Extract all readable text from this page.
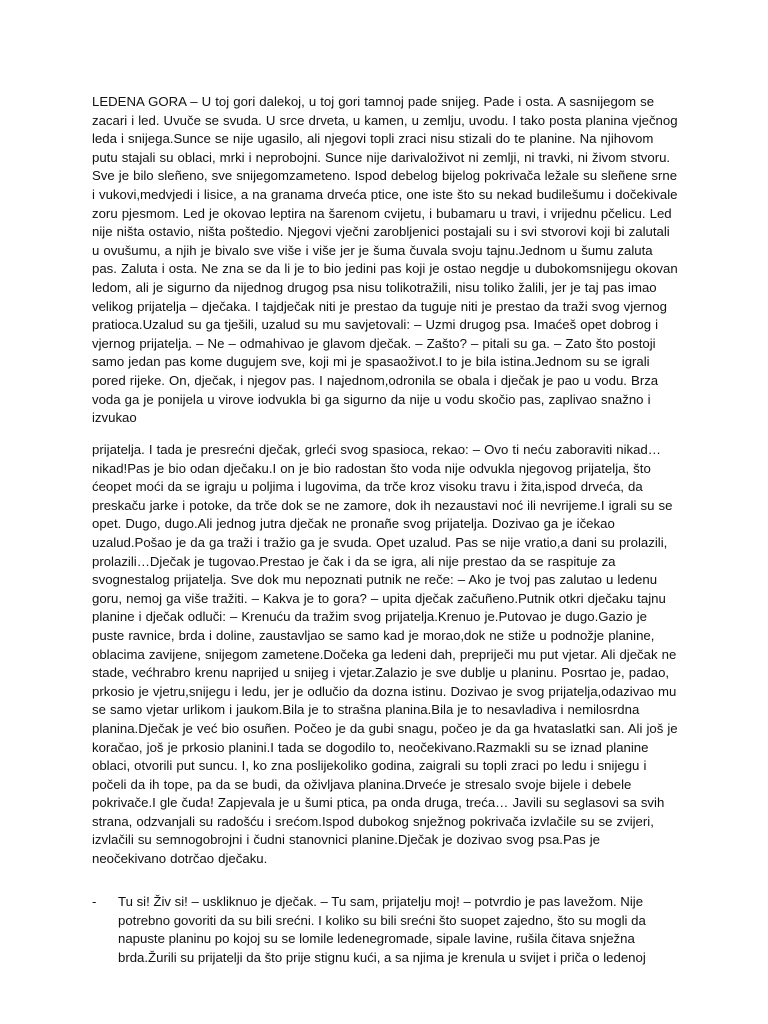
LEDENA GORA – U toj gori dalekoj, u toj gori tamnoj pade snijeg. Pade i osta. A sasnijegom se zacari i led. Uvuče se svuda. U srce drveta, u kamen, u zemlju, uvodu. I tako posta planina vječnog leda i snijega.Sunce se nije ugasilo, ali njegovi topli zraci nisu stizali do te planine. Na njihovom putu stajali su oblaci, mrki i neprobojni. Sunce nije darivaloživot ni zemlji, ni travki, ni živom stvoru. Sve je bilo sleñeno, sve snijegomzameteno. Ispod debelog bijelog pokrivača ležale su sleñene srne i vukovi,medvjedi i lisice, a na granama drveća ptice, one iste što su nekad budilešumu i dočekivale zoru pjesmom. Led je okovao leptira na šarenom cvijetu, i bubamaru u travi, i vrijednu pčelicu. Led nije ništa ostavio, ništa poštedio. Njegovi vječni zarobljenici postajali su i svi stvorovi koji bi zalutali u ovušumu, a njih je bivalo sve više i više jer je šuma čuvala svoju tajnu.Jednom u šumu zaluta pas. Zaluta i osta. Ne zna se da li je to bio jedini pas koji je ostao negdje u dubokomsnijegu okovan ledom, ali je sigurno da nijednog drugog psa nisu tolikotražili, nisu toliko žalili, jer je taj pas imao velikog prijatelja – dječaka. I tajdječak niti je prestao da tuguje niti je prestao da traži svog vjernog pratioca.Uzalud su ga tješili, uzalud su mu savjetovali: – Uzmi drugog psa. Imaćeš opet dobrog i vjernog prijatelja. – Ne – odmahivao je glavom dječak. – Zašto? – pitali su ga. – Zato što postoji samo jedan pas kome dugujem sve, koji mi je spasaoživot.I to je bila istina.Jednom su se igrali pored rijeke. On, dječak, i njegov pas. I najednom,odronila se obala i dječak je pao u vodu. Brza voda ga je ponijela u virove iodvukla bi ga sigurno da nije u vodu skočio pas, zaplivao snažno i izvukao

prijatelja. I tada je presrećni dječak, grleći svog spasioca, rekao: – Ovo ti neću zaboraviti nikad… nikad!Pas je bio odan dječaku.I on je bio radostan što voda nije odvukla njegovog prijatelja, što ćeopet moći da se igraju u poljima i lugovima, da trče kroz visoku travu i žita,ispod drveća, da preskaču jarke i potoke, da trče dok se ne zamore, dok ih nezaustavi noć ili nevrijeme.I igrali su se opet. Dugo, dugo.Ali jednog jutra dječak ne pronañe svog prijatelja. Dozivao ga je ičekao uzalud.Pošao je da ga traži i tražio ga je svuda. Opet uzalud. Pas se nije vratio,a dani su prolazili, prolazili…Dječak je tugovao.Prestao je čak i da se igra, ali nije prestao da se raspituje za svognestalog prijatelja. Sve dok mu nepoznati putnik ne reče: – Ako je tvoj pas zalutao u ledenu goru, nemoj ga više tražiti. – Kakva je to gora? – upita dječak začuñeno.Putnik otkri dječaku tajnu planine i dječak odluči: – Krenuću da tražim svog prijatelja.Krenuo je.Putovao je dugo.Gazio je puste ravnice, brda i doline, zaustavljao se samo kad je morao,dok ne stiže u podnožje planine, oblacima zavijene, snijegom zametene.Dočeka ga ledeni dah, prepriječi mu put vjetar. Ali dječak ne stade, većhrabro krenu naprijed u snijeg i vjetar.Zalazio je sve dublje u planinu. Posrtao je, padao, prkosio je vjetru,snijegu i ledu, jer je odlučio da dozna istinu. Dozivao je svog prijatelja,odazivao mu se samo vjetar urlikom i jaukom.Bila je to strašna planina.Bila je to nesavladiva i nemilosrdna planina.Dječak je već bio osuñen. Počeo je da gubi snagu, počeo je da ga hvataslatki san. Ali još je koračao, još je prkosio planini.I tada se dogodilo to, neočekivano.Razmakli su se iznad planine oblaci, otvorili put suncu. I, ko zna poslijekoliko godina, zaigrali su topli zraci po ledu i snijegu i počeli da ih tope, pa da se budi, da oživljava planina.Drveće je stresalo svoje bijele i debele pokrivače.I gle čuda! Zapjevala je u šumi ptica, pa onda druga, treća… Javili su seglasovi sa svih strana, odzvanjali su radošću i srećom.Ispod dubokog snježnog pokrivača izvlačile su se zvijeri, izvlačili su semnogobrojni i čudni stanovnici planine.Dječak je dozivao svog psa.Pas je neočekivano dotrčao dječaku.

- Tu si! Živ si! – uskliknuo je dječak. – Tu sam, prijatelju moj! – potvrdio je pas lavežom. Nije potrebno govoriti da su bili srećni. I koliko su bili srećni što suopet zajedno, što su mogli da napuste planinu po kojoj su se lomile ledenegromade, sipale lavine, rušila čitava snježna brda.Žurili su prijatelji da što prije stignu kući, a sa njima je krenula u svijet i priča o ledenoj
